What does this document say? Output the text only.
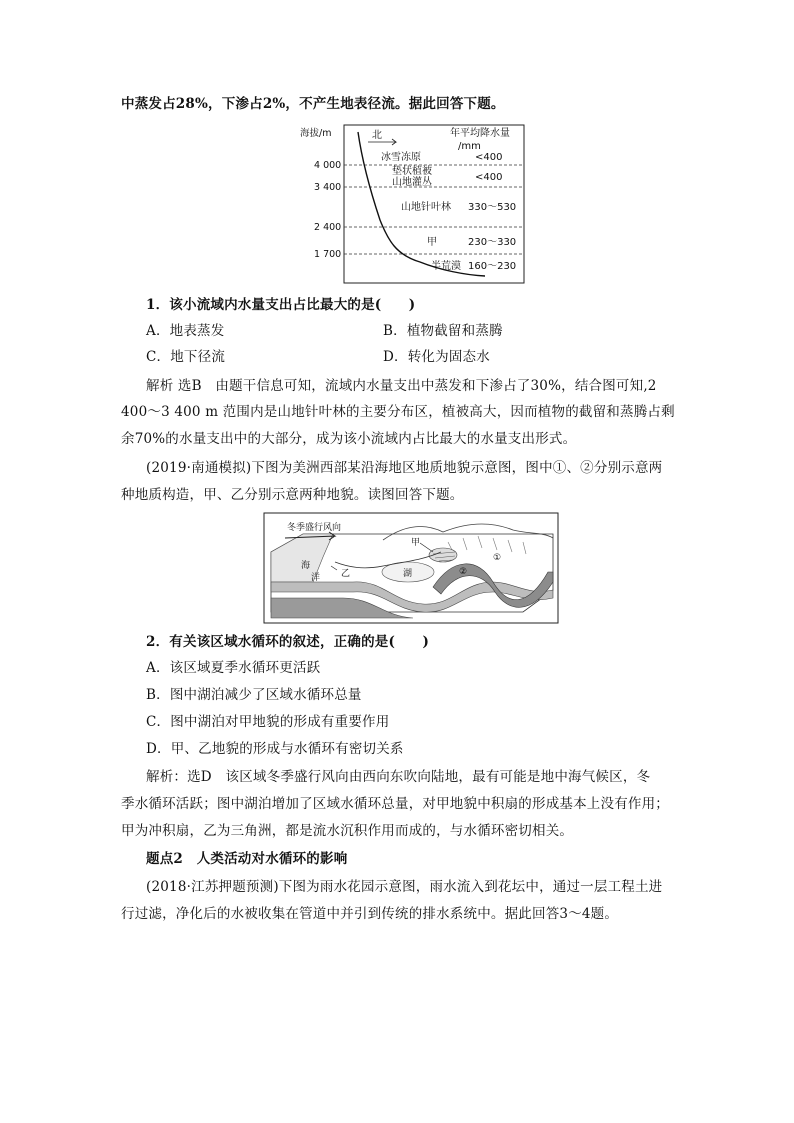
中蒸发占28%，下渗占2%，不产生地表径流。据此回答下题。
海拔/m	北	年平均降水量
/mm
4 000
3 400
2 400
1 700
冰雪冻原	<400
垫状植被
山地灌丛	<400
山地针叶林 330～530
甲	230～330
半荒漠 160～230
1．该小流域内水量支出占比最大的是(　　)
A．地表蒸发	B．植物截留和蒸腾
C．地下径流	D．转化为固态水
解析 选B　由题干信息可知，流域内水量支出中蒸发和下渗占了30%，结合图可知,2
400～3 400 m 范围内是山地针叶林的主要分布区，植被高大，因而植物的截留和蒸腾占剩
余70%的水量支出中的大部分，成为该小流域内占比最大的水量支出形式。
(2019·南通模拟)下图为美洲西部某沿海地区地质地貌示意图，图中①、②分别示意两
种地质构造，甲、乙分别示意两种地貌。读图回答下题。
冬季盛行风向
甲
乙
海
洋	湖
①
②
2．有关该区域水循环的叙述，正确的是(　　)
A．该区域夏季水循环更活跃
B．图中湖泊减少了区域水循环总量
C．图中湖泊对甲地貌的形成有重要作用
D．甲、乙地貌的形成与水循环有密切关系
解析：选D　该区域冬季盛行风向由西向东吹向陆地，最有可能是地中海气候区，冬
季水循环活跃；图中湖泊增加了区域水循环总量，对甲地貌中积扇的形成基本上没有作用；
甲为冲积扇，乙为三角洲，都是流水沉积作用而成的，与水循环密切相关。
题点2　人类活动对水循环的影响
(2018·江苏押题预测)下图为雨水花园示意图，雨水流入到花坛中，通过一层工程土进
行过滤，净化后的水被收集在管道中并引到传统的排水系统中。据此回答3～4题。
